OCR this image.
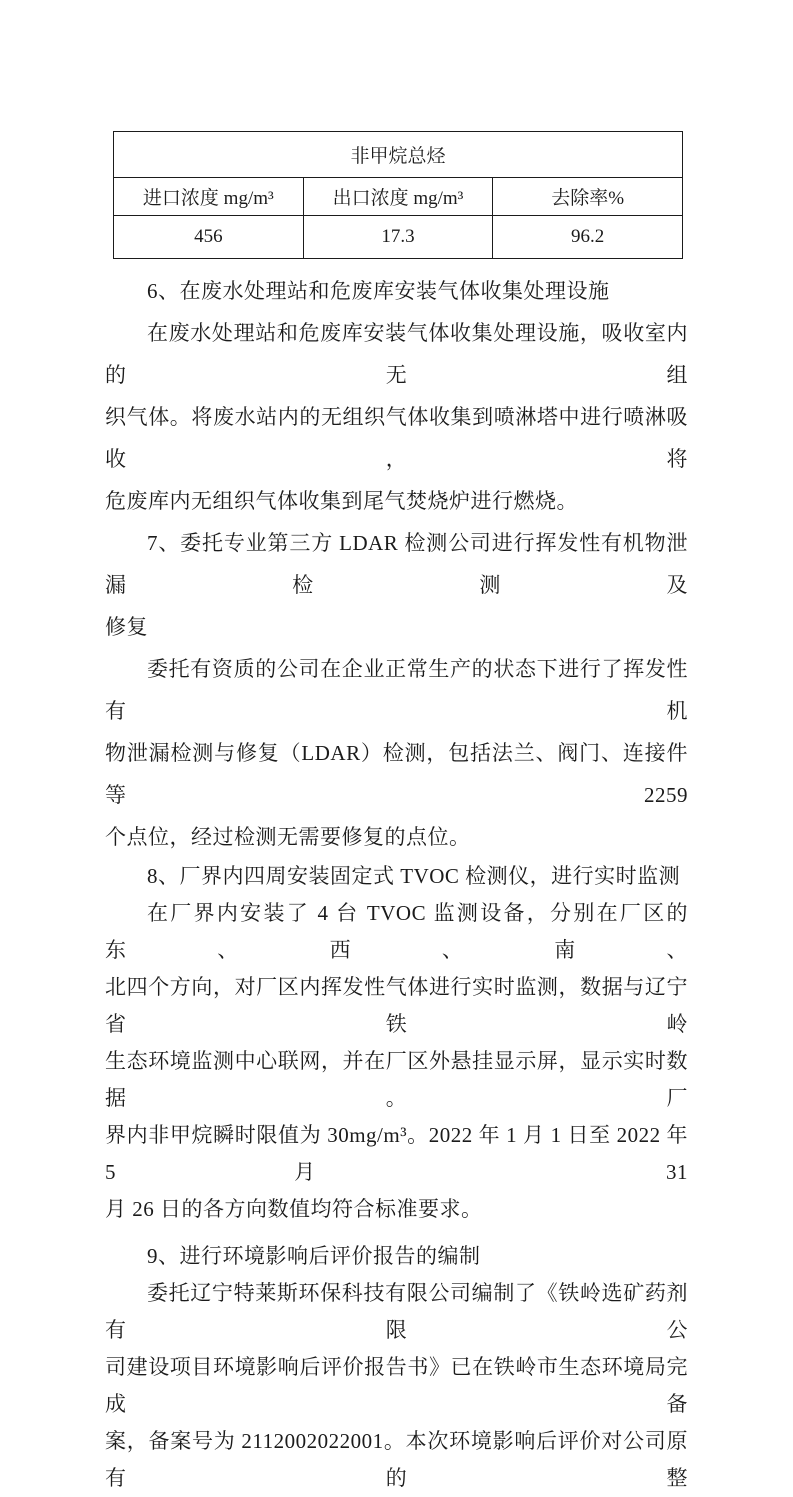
非甲烷总烃		
进口浓度 mg/m³	出口浓度 mg/m³	去除率%
456	17.3	96.2
6、在废水处理站和危废库安装气体收集处理设施
在废水处理站和危废库安装气体收集处理设施，吸收室内的无组
织气体。将废水站内的无组织气体收集到喷淋塔中进行喷淋吸收，将
危废库内无组织气体收集到尾气焚烧炉进行燃烧。
7、委托专业第三方 LDAR 检测公司进行挥发性有机物泄漏检测及
修复
委托有资质的公司在企业正常生产的状态下进行了挥发性有机
物泄漏检测与修复（LDAR）检测，包括法兰、阀门、连接件等 2259
个点位，经过检测无需要修复的点位。
8、厂界内四周安装固定式 TVOC 检测仪，进行实时监测
在厂界内安装了 4 台 TVOC 监测设备，分别在厂区的东、西、南、
北四个方向，对厂区内挥发性气体进行实时监测，数据与辽宁省铁岭
生态环境监测中心联网，并在厂区外悬挂显示屏，显示实时数据。厂
界内非甲烷瞬时限值为 30mg/m³。2022 年 1 月 1 日至 2022 年 5 月 31
月 26 日的各方向数值均符合标准要求。
9、进行环境影响后评价报告的编制
委托辽宁特莱斯环保科技有限公司编制了《铁岭选矿药剂有限公
司建设项目环境影响后评价报告书》已在铁岭市生态环境局完成备
案，备案号为 2112002022001。本次环境影响后评价对公司原有的整
